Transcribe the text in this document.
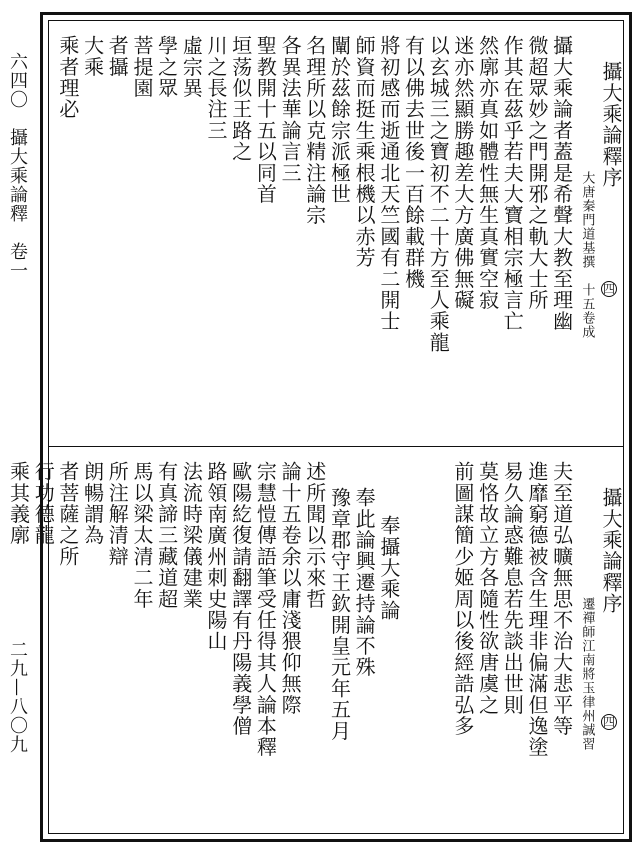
六四〇　攝大乘論釋　卷一
二九—八〇九
攝大乘論釋序
大唐秦門道基撰　十五卷成
攝大乘論者蓋是希聲大教至理幽
微超眾妙之門開邪之軌大士所
作其在茲乎若夫大寶相宗極言亡
然廓亦真如體性無生真實空寂
迷亦然顯勝趣差大方廣佛無礙
以玄城三之寶初不二十方至人乘龍
有以佛去世後一百餘載群機
將初感而逝通北天竺國有二開士
師資而挺生乘根機以赤芳
闡於茲餘宗派極世
名理所以克精注論宗
各異法華論言三
聖教開十五以同首
垣荡似王路之
川之長注三
虛宗異
學之眾
菩提園
者攝
大乘
乘者理必
攝大乘論釋序
遷禪師江南將玉律州誠習
夫至道弘曠無思不治大悲平等
進靡窮德被含生理非偏滿但逸塗
易久論惑難息若先談出世則
莫恪故立方各隨性欲唐虞之
前圖謀簡少姬周以後經誥弘多
奉攝大乘論
奉此論興遷持論不殊
豫章郡守王欽開皇元年五月
述所聞以示來哲
論十五卷余以庸淺猥仰無際
宗慧愷傳語筆受任得其人論本釋
歐陽紇復請翻譯有丹陽義學僧
路領南廣州刺史陽山
法流時梁儀建業
有真諦三藏道超
馬以梁太清二年
所注解清辯
朗暢謂為
者菩薩之所
行功德龍
乘其義廓
四
四
